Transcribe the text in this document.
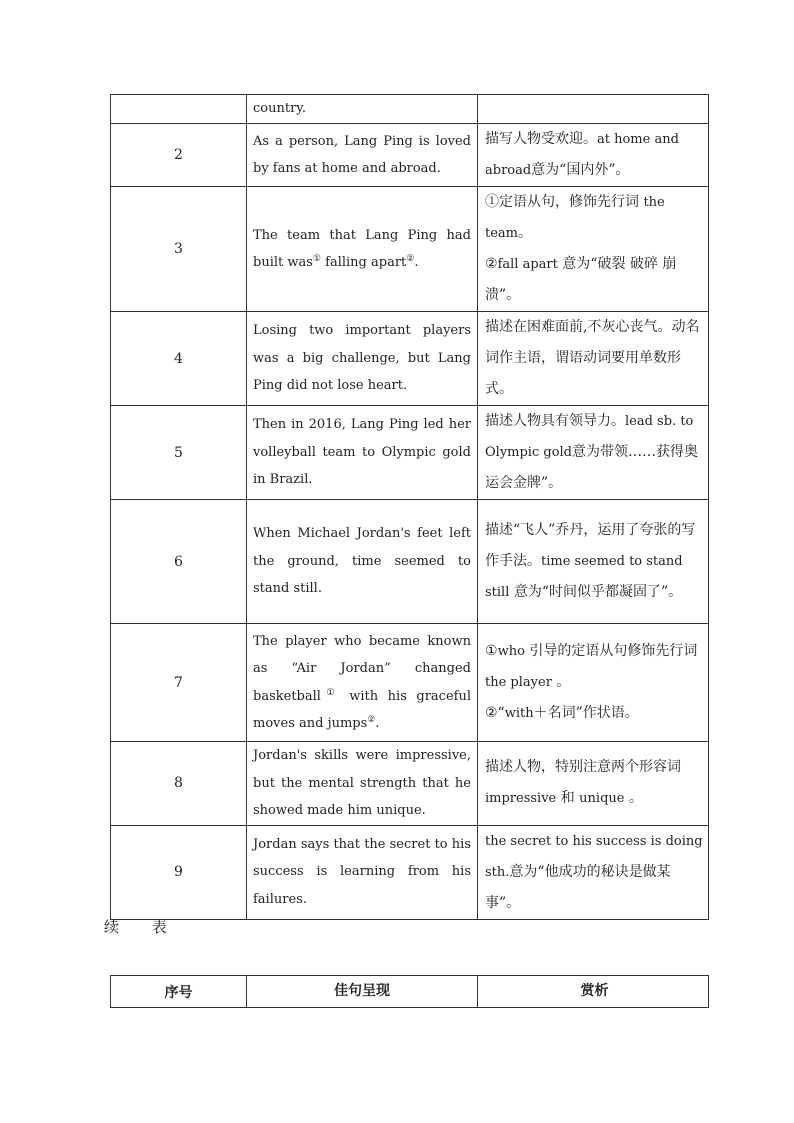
	country.	
2	As a person, Lang Ping is loved by fans at home and abroad.	描写人物受欢迎。at home and abroad意为“国内外”。
3	The team that Lang Ping had built was① falling apart②.	①定语从句，修饰先行词 the team。
②fall apart 意为“破裂 破碎 崩溃”。

4	Losing two important players was a big challenge, but Lang Ping did not lose heart.	描述在困难面前,不灰心丧气。动名词作主语，谓语动词要用单数形式。
5	Then in 2016, Lang Ping led her volleyball team to Olympic gold in Brazil.	描述人物具有领导力。lead sb. to Olympic gold意为带领……获得奥运会金牌”。
6	When Michael Jordan's feet left the ground, time seemed to stand still.	描述“飞人”乔丹，运用了夸张的写作手法。time seemed to stand still 意为“时间似乎都凝固了”。
7	The player who became known as “Air Jordan” changed basketball① with his graceful moves and jumps②.	①who 引导的定语从句修饰先行词 the player 。
②“with＋名词”作状语。

8	Jordan's skills were impressive, but the mental strength that he showed made him unique.	描述人物，特别注意两个形容词 impressive 和 unique 。
9	Jordan says that the secret to his success is learning from his failures.	the secret to his success is doing sth.意为“他成功的秘诀是做某事”。
续 表
序号	佳句呈现	赏析
